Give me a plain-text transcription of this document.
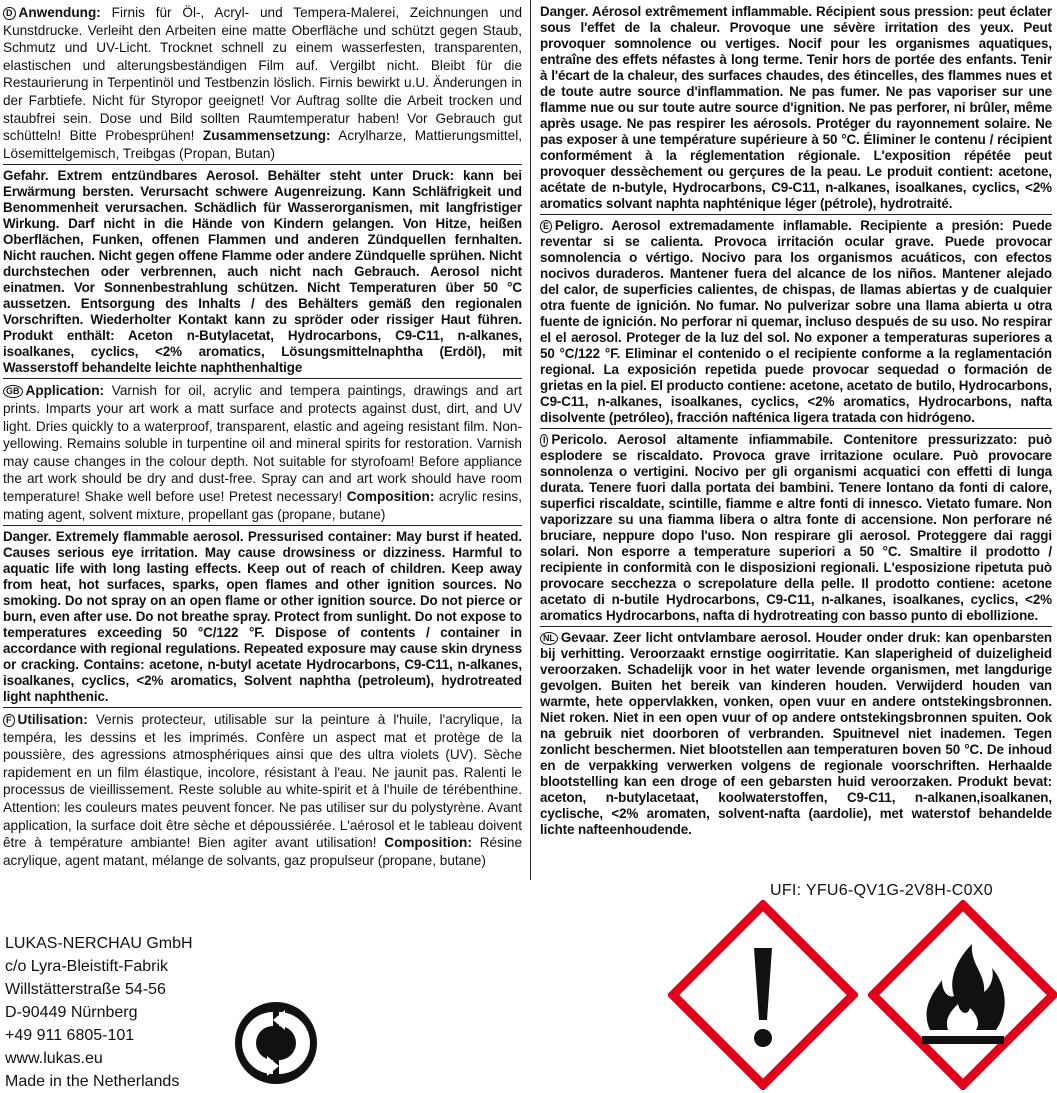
D Anwendung: Firnis für Öl-, Acryl- und Tempera-Malerei, Zeichnungen und Kunstdrucke. Verleiht den Arbeiten eine matte Oberfläche und schützt gegen Staub, Schmutz und UV-Licht. Trocknet schnell zu einem wasserfesten, transparenten, elastischen und alterungsbeständigen Film auf. Vergilbt nicht. Bleibt für die Restaurierung in Terpentinöl und Testbenzin löslich. Firnis bewirkt u.U. Änderungen in der Farbtiefe. Nicht für Styropor geeignet! Vor Auftrag sollte die Arbeit trocken und staubfrei sein. Dose und Bild sollten Raumtemperatur haben! Vor Gebrauch gut schütteln! Bitte Probesprühen! Zusammensetzung: Acrylharze, Mattierungsmittel, Lösemittelgemisch, Treibgas (Propan, Butan)
Gefahr. Extrem entzündbares Aerosol. Behälter steht unter Druck: kann bei Erwärmung bersten. Verursacht schwere Augenreizung. Kann Schläfrigkeit und Benommenheit verursachen. Schädlich für Wasserorganismen, mit langfristiger Wirkung. Darf nicht in die Hände von Kindern gelangen. Von Hitze, heißen Oberflächen, Funken, offenen Flammen und anderen Zündquellen fernhalten. Nicht rauchen. Nicht gegen offene Flamme oder andere Zündquelle sprühen. Nicht durchstechen oder verbrennen, auch nicht nach Gebrauch. Aerosol nicht einatmen. Vor Sonnenbestrahlung schützen. Nicht Temperaturen über 50 °C aussetzen. Entsorgung des Inhalts / des Behälters gemäß den regionalen Vorschriften. Wiederholter Kontakt kann zu spröder oder rissiger Haut führen. Produkt enthält: Aceton n-Butylacetat, Hydrocarbons, C9-C11, n-alkanes, isoalkanes, cyclics, <2% aromatics, Lösungsmittelnaphtha (Erdöl), mit Wasserstoff behandelte leichte naphthenhaltige
GB Application: Varnish for oil, acrylic and tempera paintings, drawings and art prints. Imparts your art work a matt surface and protects against dust, dirt, and UV light. Dries quickly to a waterproof, transparent, elastic and ageing resistant film. Non-yellowing. Remains soluble in turpentine oil and mineral spirits for restoration. Varnish may cause changes in the colour depth. Not suitable for styrofoam! Before appliance the art work should be dry and dust-free. Spray can and art work should have room temperature! Shake well before use! Pretest necessary! Composition: acrylic resins, mating agent, solvent mixture, propellant gas (propane, butane)
Danger. Extremely flammable aerosol. Pressurised container: May burst if heated. Causes serious eye irritation. May cause drowsiness or dizziness. Harmful to aquatic life with long lasting effects. Keep out of reach of children. Keep away from heat, hot surfaces, sparks, open flames and other ignition sources. No smoking. Do not spray on an open flame or other ignition source. Do not pierce or burn, even after use. Do not breathe spray. Protect from sunlight. Do not expose to temperatures exceeding 50 °C/122 °F. Dispose of contents / container in accordance with regional regulations. Repeated exposure may cause skin dryness or cracking. Contains: acetone, n-butyl acetate Hydrocarbons, C9-C11, n-alkanes, isoalkanes, cyclics, <2% aromatics, Solvent naphtha (petroleum), hydrotreated light naphthenic.
F Utilisation: Vernis protecteur, utilisable sur la peinture à l'huile, l'acrylique, la tempéra, les dessins et les imprimés. Confère un aspect mat et protège de la poussière, des agressions atmosphériques ainsi que des ultra violets (UV). Sèche rapidement en un film élastique, incolore, résistant à l'eau. Ne jaunit pas. Ralenti le processus de vieillissement. Reste soluble au white-spirit et à l'huile de térébenthine. Attention: les couleurs mates peuvent foncer. Ne pas utiliser sur du polystyrène. Avant application, la surface doit être sèche et dépoussiérée. L'aérosol et le tableau doivent être à température ambiante! Bien agiter avant utilisation! Composition: Résine acrylique, agent matant, mélange de solvants, gaz propulseur (propane, butane)
Danger. Aérosol extrêmement inflammable. Récipient sous pression: peut éclater sous l'effet de la chaleur. Provoque une sévère irritation des yeux. Peut provoquer somnolence ou vertiges. Nocif pour les organismes aquatiques, entraîne des effets néfastes à long terme. Tenir hors de portée des enfants. Tenir à l'écart de la chaleur, des surfaces chaudes, des étincelles, des flammes nues et de toute autre source d'inflammation. Ne pas fumer. Ne pas vaporiser sur une flamme nue ou sur toute autre source d'ignition. Ne pas perforer, ni brûler, même après usage. Ne pas respirer les aérosols. Protéger du rayonnement solaire. Ne pas exposer à une température supérieure à 50 °C. Éliminer le contenu / récipient conformément à la réglementation régionale. L'exposition répétée peut provoquer dessèchement ou gerçures de la peau. Le produit contient: acetone, acétate de n-butyle, Hydrocarbons, C9-C11, n-alkanes, isoalkanes, cyclics, <2% aromatics solvant naphta naphténique léger (pétrole), hydrotraité.
E Peligro. Aerosol extremadamente inflamable. Recipiente a presión: Puede reventar si se calienta. Provoca irritación ocular grave. Puede provocar somnolencia o vértigo. Nocivo para los organismos acuáticos, con efectos nocivos duraderos. Mantener fuera del alcance de los niños. Mantener alejado del calor, de superficies calientes, de chispas, de llamas abiertas y de cualquier otra fuente de ignición. No fumar. No pulverizar sobre una llama abierta u otra fuente de ignición. No perforar ni quemar, incluso después de su uso. No respirar el el aerosol. Proteger de la luz del sol. No exponer a temperaturas superiores a 50 °C/122 °F. Eliminar el contenido o el recipiente conforme a la reglamentación regional. La exposición repetida puede provocar sequedad o formación de grietas en la piel. El producto contiene: acetone, acetato de butilo, Hydrocarbons, C9-C11, n-alkanes, isoalkanes, cyclics, <2% aromatics, Hydrocarbons, nafta disolvente (petróleo), fracción nafténica ligera tratada con hidrógeno.
I Pericolo. Aerosol altamente infiammabile. Contenitore pressurizzato: può esplodere se riscaldato. Provoca grave irritazione oculare. Può provocare sonnolenza o vertigini. Nocivo per gli organismi acquatici con effetti di lunga durata. Tenere fuori dalla portata dei bambini. Tenere lontano da fonti di calore, superfici riscaldate, scintille, fiamme e altre fonti di innesco. Vietato fumare. Non vaporizzare su una fiamma libera o altra fonte di accensione. Non perforare né bruciare, neppure dopo l'uso. Non respirare gli aerosol. Proteggere dai raggi solari. Non esporre a temperature superiori a 50 °C. Smaltire il prodotto / recipiente in conformità con le disposizioni regionali. L'esposizione ripetuta può provocare secchezza o screpolature della pelle. Il prodotto contiene: acetone acetato di n-butile Hydrocarbons, C9-C11, n-alkanes, isoalkanes, cyclics, <2% aromatics Hydrocarbons, nafta di hydrotreating con basso punto di ebollizione.
NL Gevaar. Zeer licht ontvlambare aerosol. Houder onder druk: kan openbarsten bij verhitting. Veroorzaakt ernstige oogirritatie. Kan slaperigheid of duizeligheid veroorzaken. Schadelijk voor in het water levende organismen, met langdurige gevolgen. Buiten het bereik van kinderen houden. Verwijderd houden van warmte, hete oppervlakken, vonken, open vuur en andere ontstekingsbronnen. Niet roken. Niet in een open vuur of op andere ontstekingsbronnen spuiten. Ook na gebruik niet doorboren of verbranden. Spuitnevel niet inademen. Tegen zonlicht beschermen. Niet blootstellen aan temperaturen boven 50 °C. De inhoud en de verpakking verwerken volgens de regionale voorschriften. Herhaalde blootstelling kan een droge of een gebarsten huid veroorzaken. Produkt bevat: aceton, n-butylacetaat, koolwaterstoffen, C9-C11, n-alkanen,isoalkanen, cyclische, <2% aromaten, solvent-nafta (aardolie), met waterstof behandelde lichte nafteenhoudende.
UFI: YFU6-QV1G-2V8H-C0X0
LUKAS-NERCHAU GmbH
c/o Lyra-Bleistift-Fabrik
Willstätterstraße 54-56
D-90449 Nürnberg
+49 911 6805-101
www.lukas.eu
Made in the Netherlands
